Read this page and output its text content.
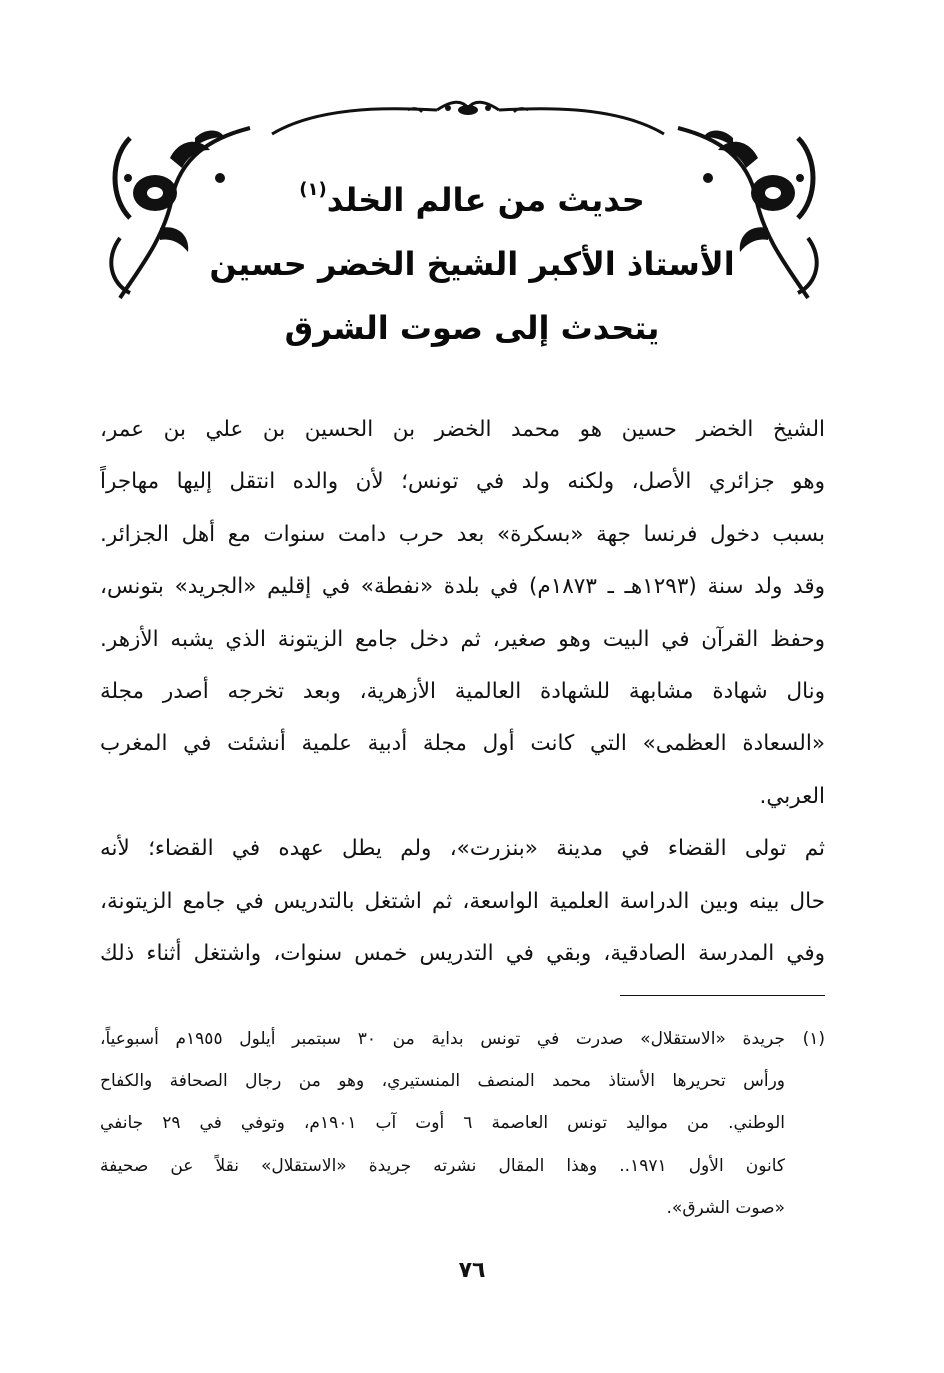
حديث من عالم الخلد$^{(١)}$
الأستاذ الأكبر الشيخ الخضر حسين
يتحدث إلى صوت الشرق
الشيخ الخضر حسين هو محمد الخضر بن الحسين بن علي بن عمر،
وهو جزائري الأصل، ولكنه ولد في تونس؛ لأن والده انتقل إليها مهاجراً
بسبب دخول فرنسا جهة «بسكرة» بعد حرب دامت سنوات مع أهل الجزائر.
وقد ولد سنة (١٢٩٣هـ ـ ١٨٧٣م) في بلدة «نفطة» في إقليم «الجريد» بتونس،
وحفظ القرآن في البيت وهو صغير، ثم دخل جامع الزيتونة الذي يشبه الأزهر.
ونال شهادة مشابهة للشهادة العالمية الأزهرية، وبعد تخرجه أصدر مجلة
«السعادة العظمى» التي كانت أول مجلة أدبية علمية أنشئت في المغرب
العربي.
ثم تولى القضاء في مدينة «بنزرت»، ولم يطل عهده في القضاء؛ لأنه
حال بينه وبين الدراسة العلمية الواسعة، ثم اشتغل بالتدريس في جامع الزيتونة،
وفي المدرسة الصادقية، وبقي في التدريس خمس سنوات، واشتغل أثناء ذلك
(١)جريدة «الاستقلال» صدرت في تونس بداية من ٣٠ سبتمبر أيلول ١٩٥٥م أسبوعياً،
ورأس تحريرها الأستاذ محمد المنصف المنستيري، وهو من رجال الصحافة والكفاح
الوطني. من مواليد تونس العاصمة ٦ أوت آب ١٩٠١م، وتوفي في ٢٩ جانفي
كانون الأول ١٩٧١.. وهذا المقال نشرته جريدة «الاستقلال» نقلاً عن صحيفة
«صوت الشرق».
٧٦
